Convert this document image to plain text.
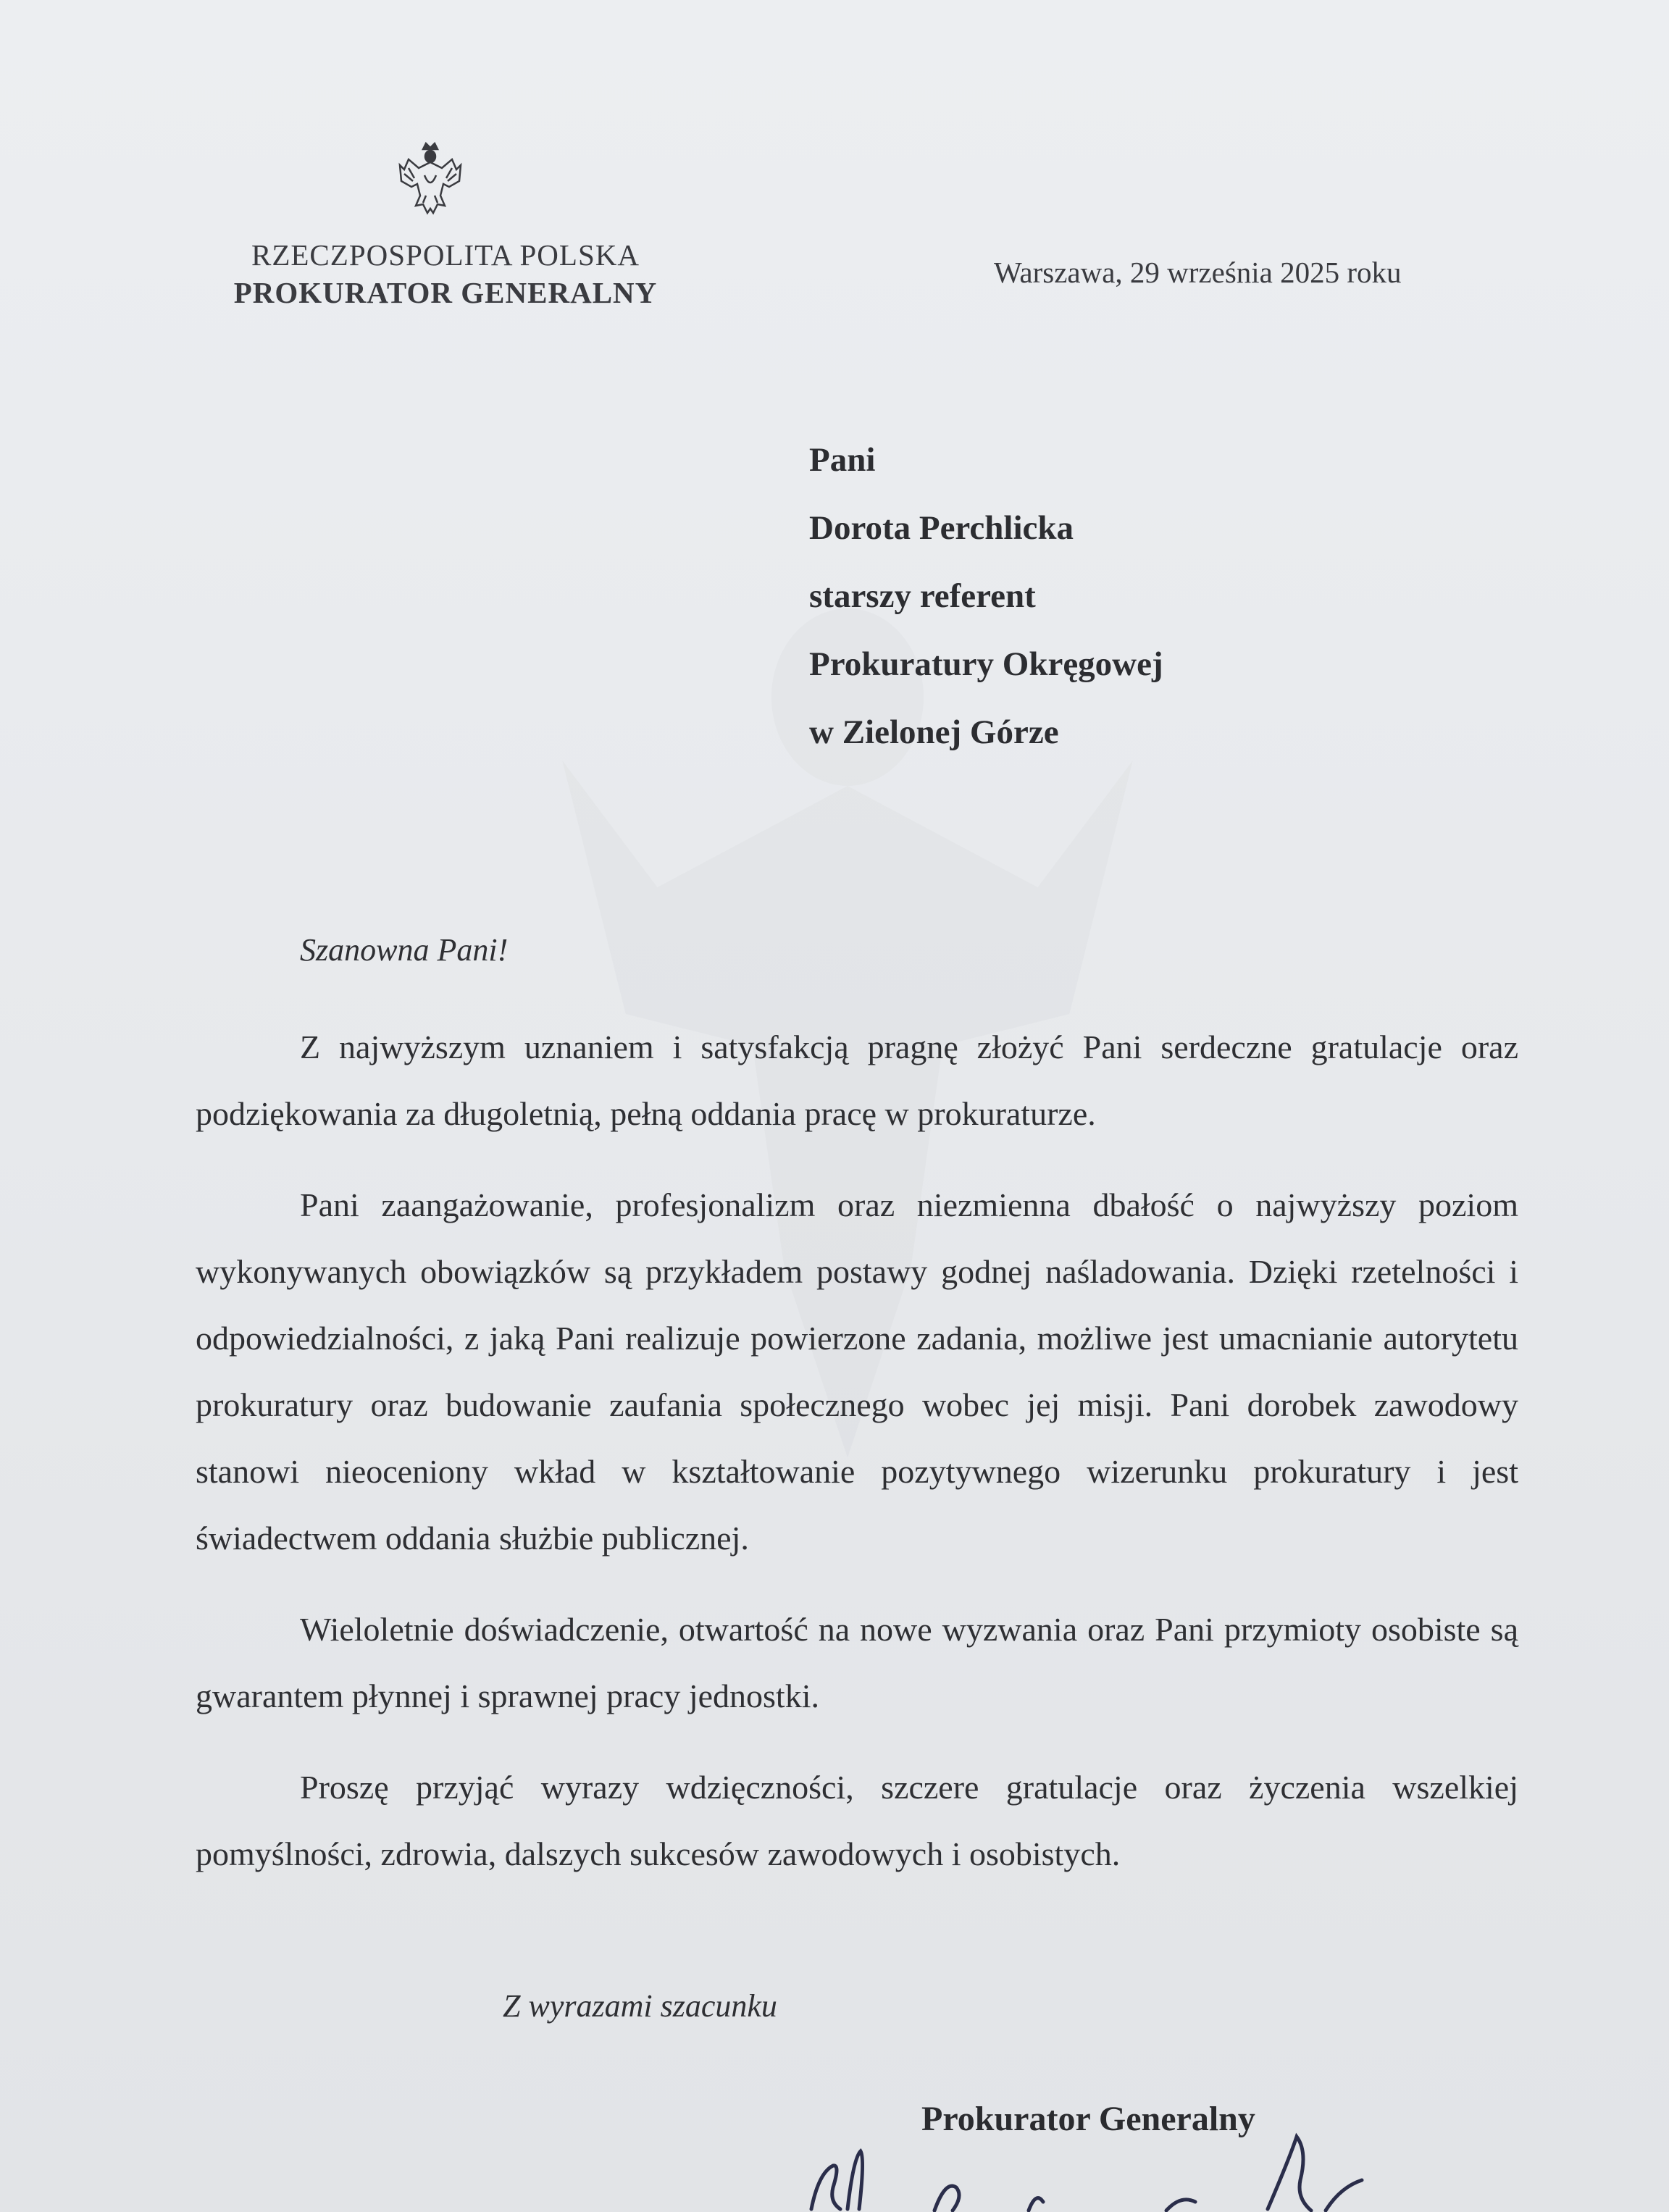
RZECZPOSPOLITA POLSKA
PROKURATOR GENERALNY
Warszawa, 29 września 2025 roku
Pani
Dorota Perchlicka
starszy referent
Prokuratury Okręgowej
w Zielonej Górze
Szanowna Pani!

Z najwyższym uznaniem i satysfakcją pragnę złożyć Pani serdeczne gratulacje oraz podziękowania za długoletnią, pełną oddania pracę w prokuraturze.

Pani zaangażowanie, profesjonalizm oraz niezmienna dbałość o najwyższy poziom wykonywanych obowiązków są przykładem postawy godnej naśladowania. Dzięki rzetelności i odpowiedzialności, z jaką Pani realizuje powierzone zadania, możliwe jest umacnianie autorytetu prokuratury oraz budowanie zaufania społecznego wobec jej misji. Pani dorobek zawodowy stanowi nieoceniony wkład w kształtowanie pozytywnego wizerunku prokuratury i jest świadectwem oddania służbie publicznej.

Wieloletnie doświadczenie, otwartość na nowe wyzwania oraz Pani przymioty osobiste są gwarantem płynnej i sprawnej pracy jednostki.

Proszę przyjąć wyrazy wdzięczności, szczere gratulacje oraz życzenia wszelkiej pomyślności, zdrowia, dalszych sukcesów zawodowych i osobistych.

Z wyrazami szacunku
Prokurator Generalny
